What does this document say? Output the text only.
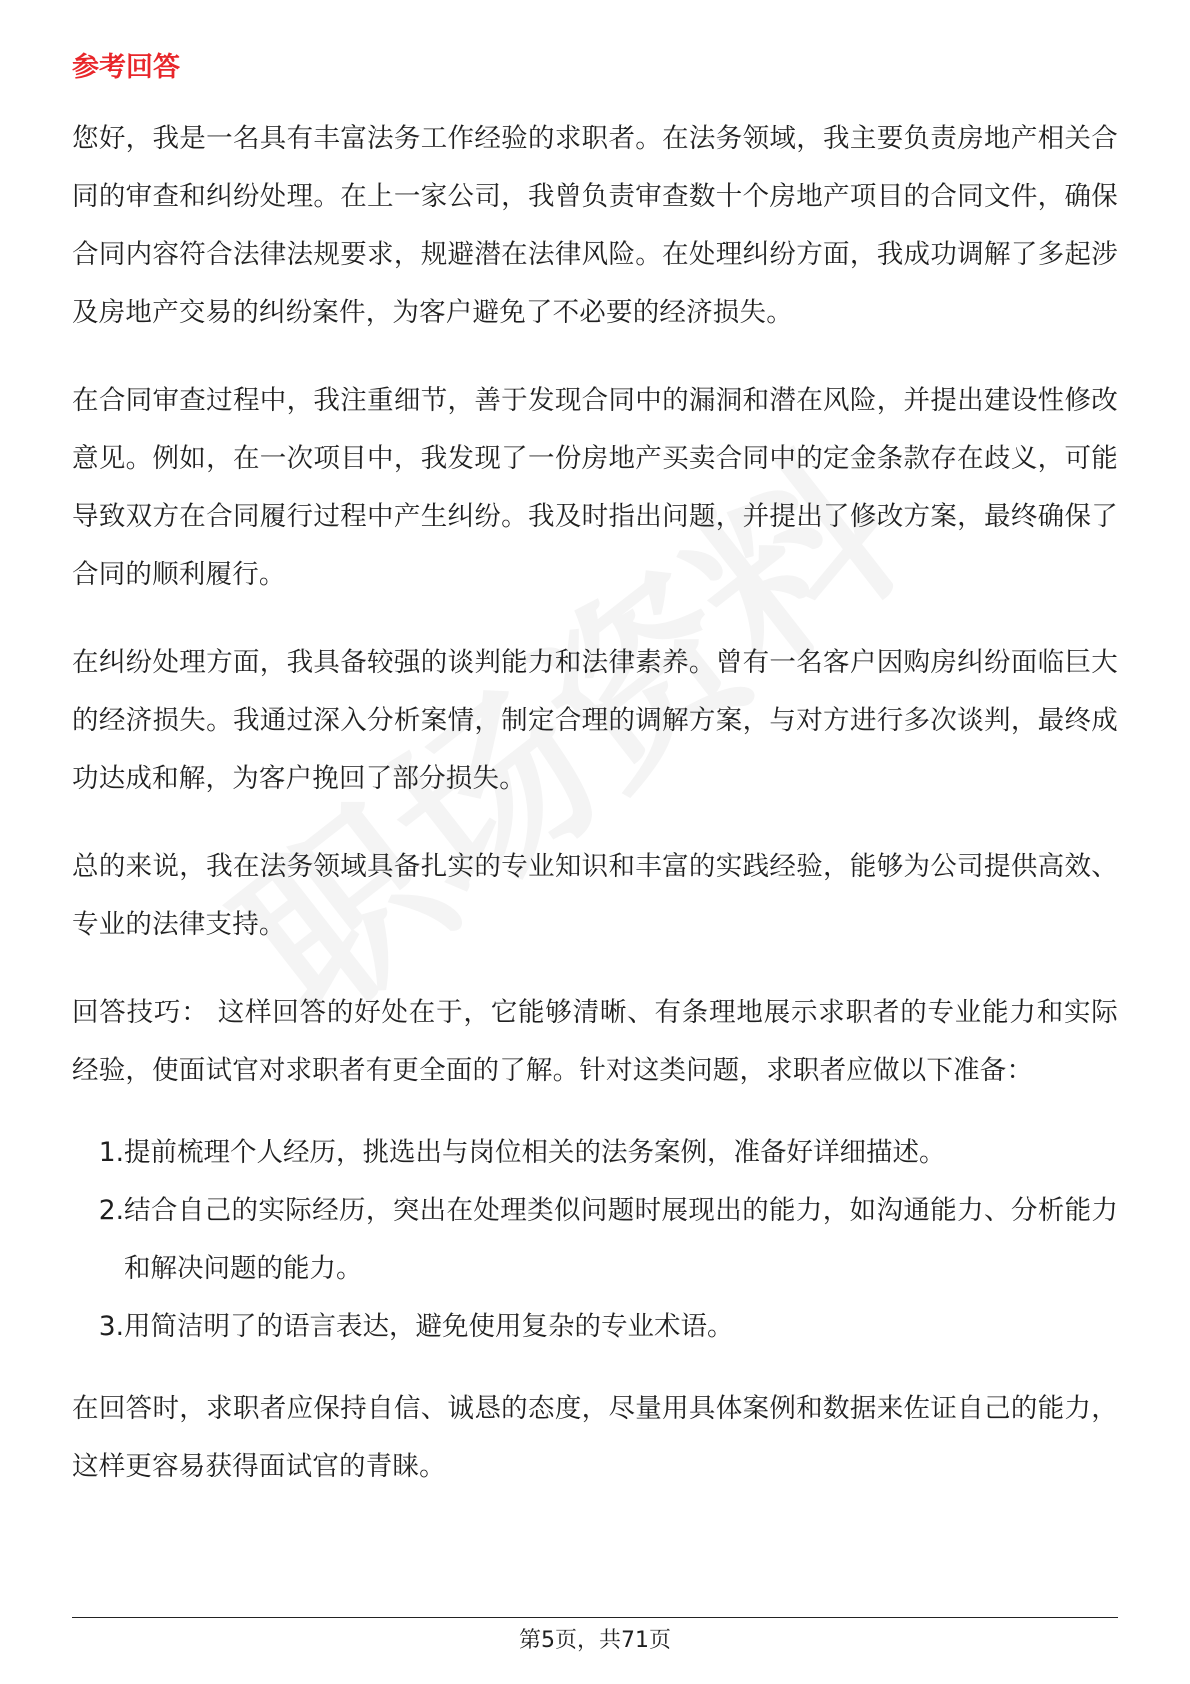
参考回答

您好，我是一名具有丰富法务工作经验的求职者。在法务领域，我主要负责房地产相关合同的审查和纠纷处理。在上一家公司，我曾负责审查数十个房地产项目的合同文件，确保合同内容符合法律法规要求，规避潜在法律风险。在处理纠纷方面，我成功调解了多起涉及房地产交易的纠纷案件，为客户避免了不必要的经济损失。

在合同审查过程中，我注重细节，善于发现合同中的漏洞和潜在风险，并提出建设性修改意见。例如，在一次项目中，我发现了一份房地产买卖合同中的定金条款存在歧义，可能导致双方在合同履行过程中产生纠纷。我及时指出问题，并提出了修改方案，最终确保了合同的顺利履行。

在纠纷处理方面，我具备较强的谈判能力和法律素养。曾有一名客户因购房纠纷面临巨大的经济损失。我通过深入分析案情，制定合理的调解方案，与对方进行多次谈判，最终成功达成和解，为客户挽回了部分损失。

总的来说，我在法务领域具备扎实的专业知识和丰富的实践经验，能够为公司提供高效、专业的法律支持。

回答技巧： 这样回答的好处在于，它能够清晰、有条理地展示求职者的专业能力和实际经验，使面试官对求职者有更全面的了解。针对这类问题，求职者应做以下准备：

1. 提前梳理个人经历，挑选出与岗位相关的法务案例，准备好详细描述。
2. 结合自己的实际经历，突出在处理类似问题时展现出的能力，如沟通能力、分析能力和解决问题的能力。
3. 用简洁明了的语言表达，避免使用复杂的专业术语。

在回答时，求职者应保持自信、诚恳的态度，尽量用具体案例和数据来佐证自己的能力，这样更容易获得面试官的青睐。

第5页，共71页
